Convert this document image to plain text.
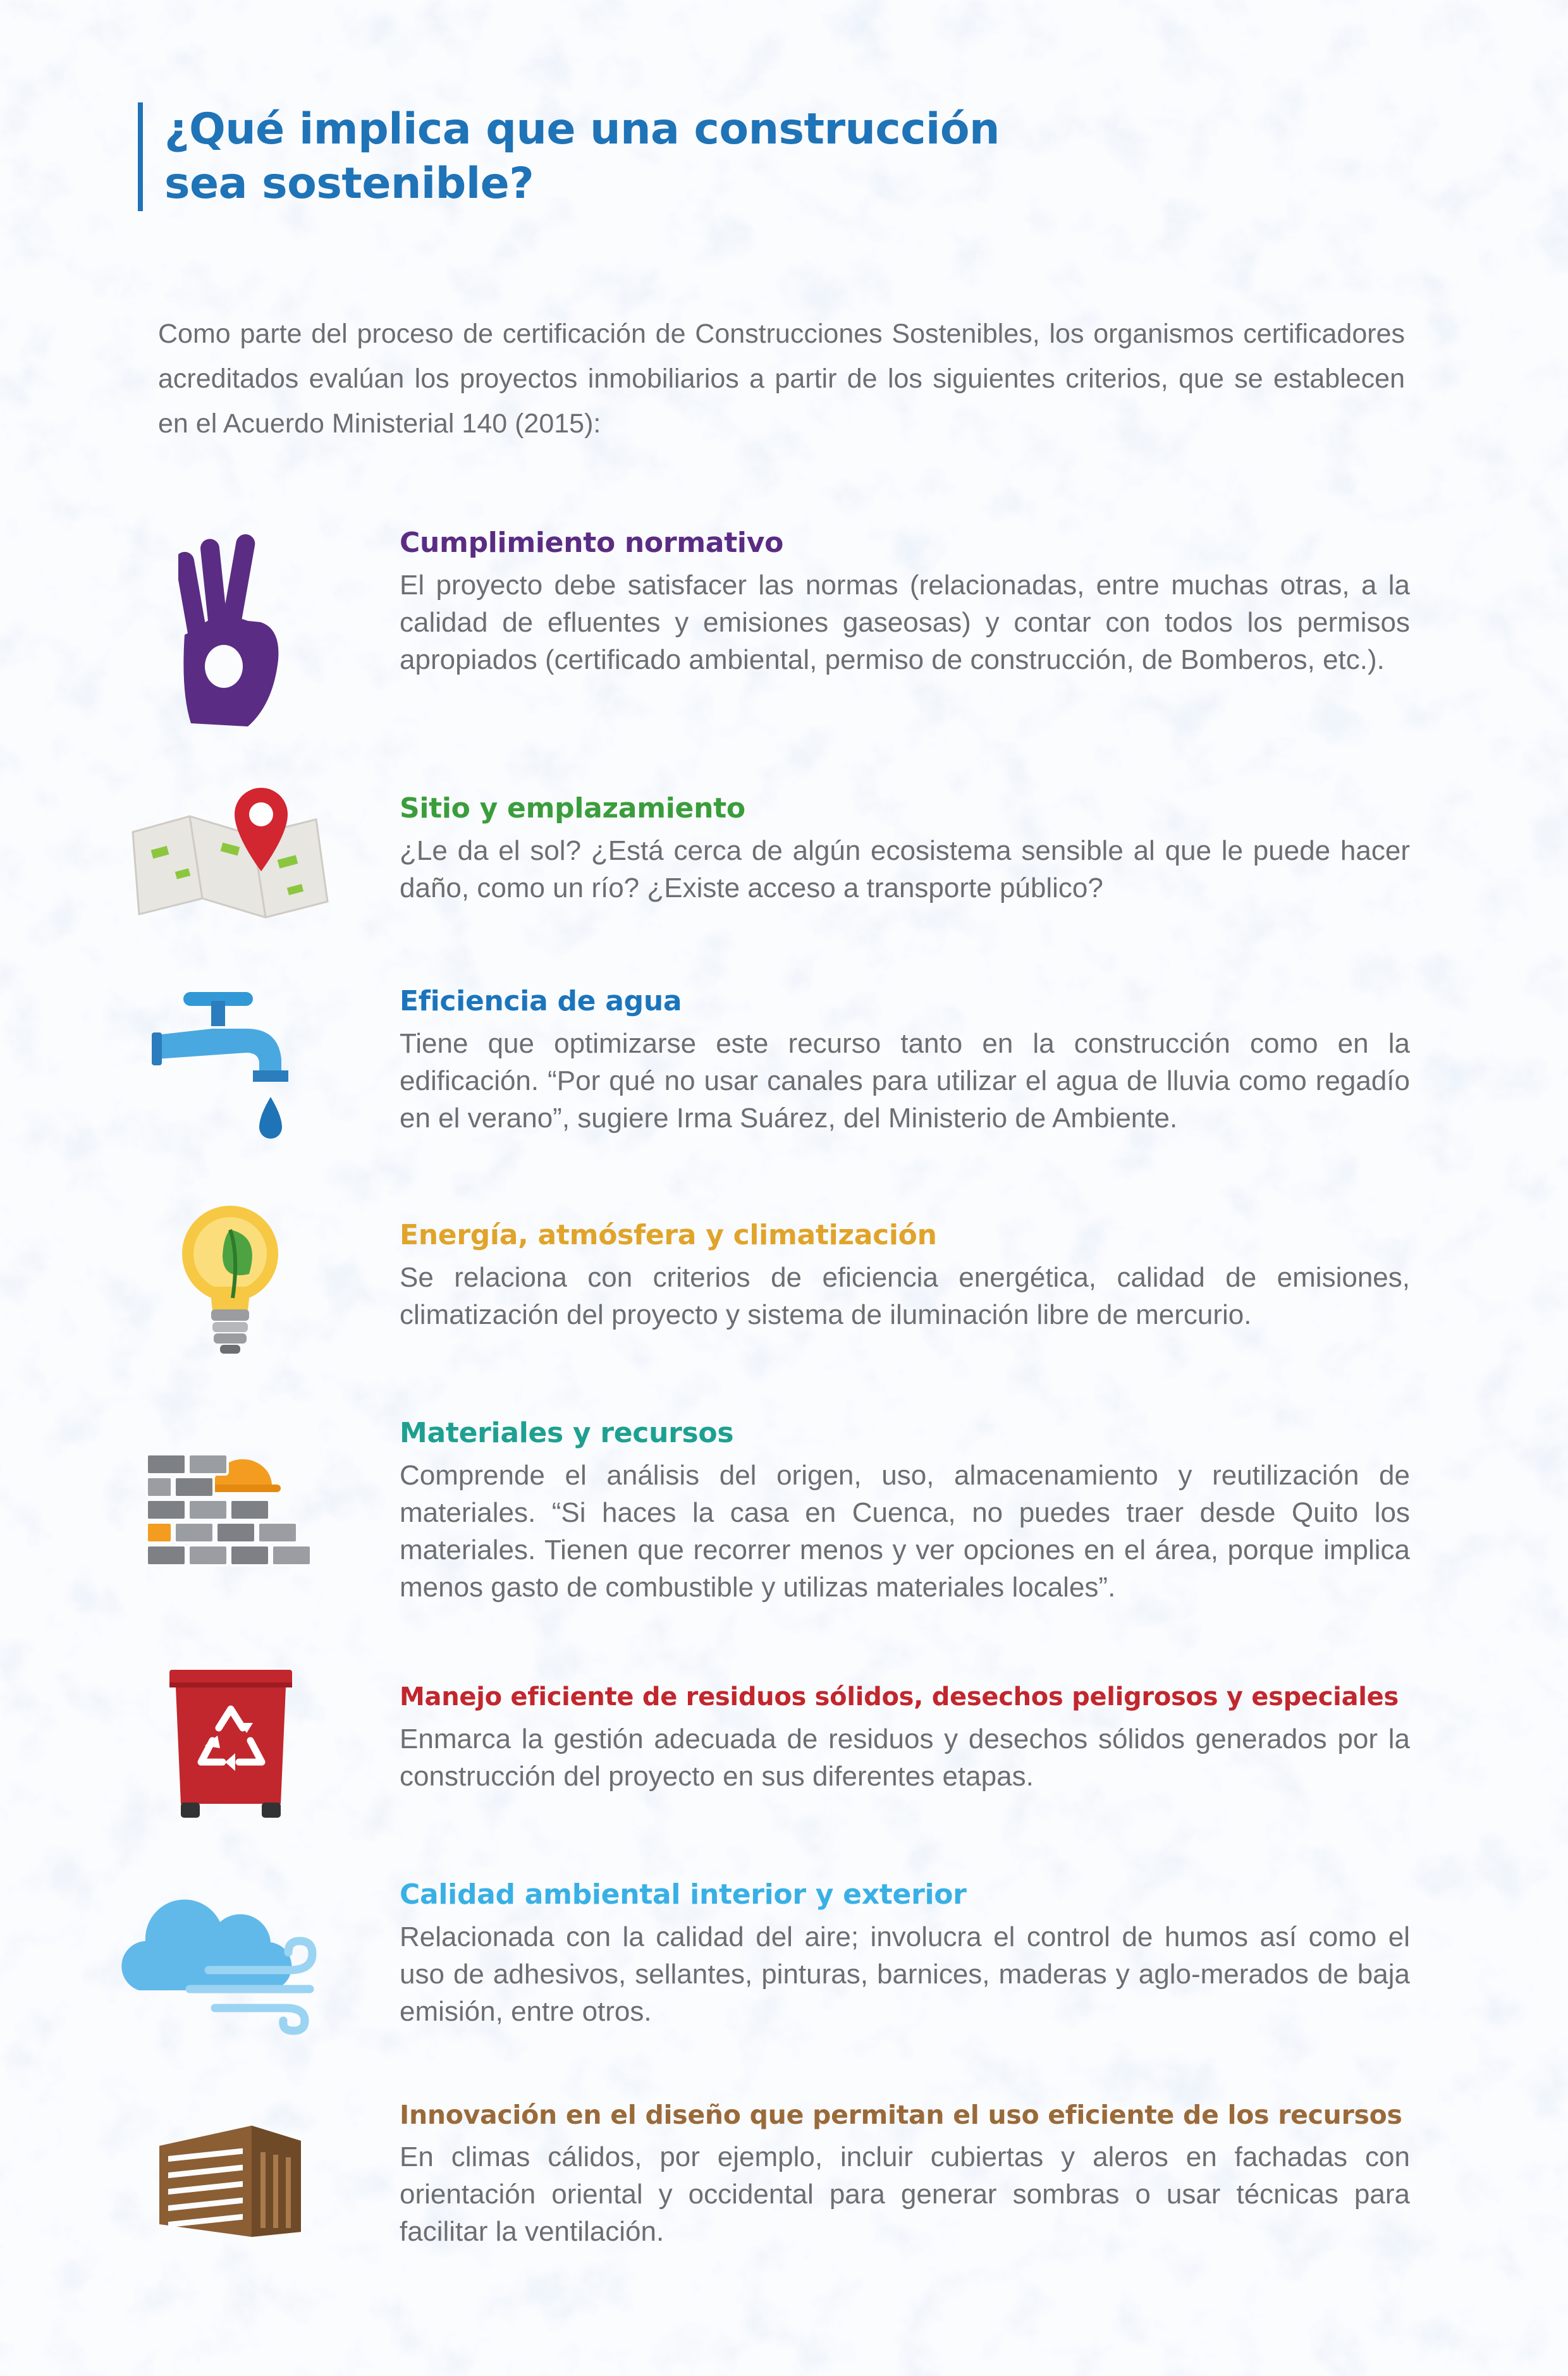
¿Qué implica que una construcción
sea sostenible?
Como parte del proceso de certificación de Construcciones Sostenibles, los organismos certificadores acreditados evalúan los proyectos inmobiliarios a partir de los siguientes criterios, que se establecen en el Acuerdo Ministerial 140 (2015):
Cumplimiento normativo
El proyecto debe satisfacer las normas (relacionadas, entre muchas otras, a la calidad de efluentes y emisiones gaseosas) y contar con todos los permisos apropiados (certificado ambiental, permiso de construcción, de Bomberos, etc.).
Sitio y emplazamiento
¿Le da el sol? ¿Está cerca de algún ecosistema sensible al que le puede hacer daño, como un río? ¿Existe acceso a transporte público?
Eficiencia de agua
Tiene que optimizarse este recurso tanto en la construcción como en la edificación. “Por qué no usar canales para utilizar el agua de lluvia como regadío en el verano”, sugiere Irma Suárez, del Ministerio de Ambiente.
Energía, atmósfera y climatización
Se relaciona con criterios de eficiencia energética, calidad de emisiones, climatización del proyecto y sistema de iluminación libre de mercurio.
Materiales y recursos
Comprende el análisis del origen, uso, almacenamiento y reutilización de materiales. “Si haces la casa en Cuenca, no puedes traer desde Quito los materiales. Tienen que recorrer menos y ver opciones en el área, porque implica menos gasto de combustible y utilizas materiales locales”.
Manejo eficiente de residuos sólidos, desechos peligrosos y especiales
Enmarca la gestión adecuada de residuos y desechos sólidos generados por la construcción del proyecto en sus diferentes etapas.
Calidad ambiental interior y exterior
Relacionada con la calidad del aire; involucra el control de humos así como el uso de adhesivos, sellantes, pinturas, barnices, maderas y aglo-merados de baja emisión, entre otros.
Innovación en el diseño que permitan el uso eficiente de los recursos
En climas cálidos, por ejemplo, incluir cubiertas y aleros en fachadas con orientación oriental y occidental para generar sombras o usar técnicas para facilitar la ventilación.
